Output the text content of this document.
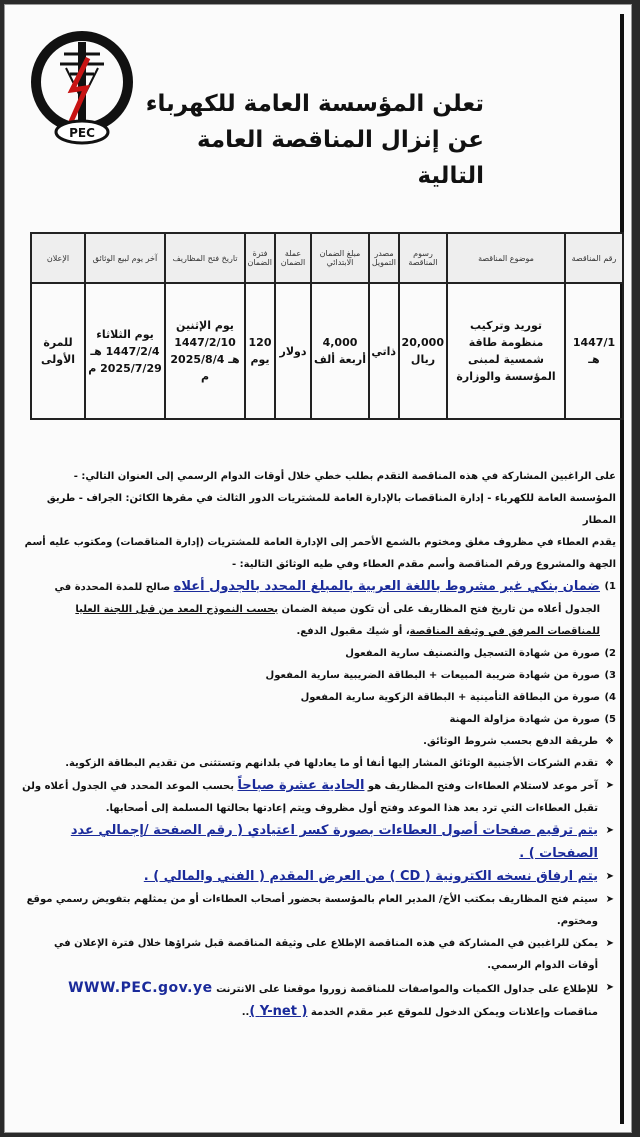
PEC
تعلن المؤسسة العامة للكهرباء
عن إنزال المناقصة العامة التالية
رقم المناقصة	موضوع المناقصة	رسوم المناقصة	مصدر التمويل	مبلغ الضمان الابتدائي	عملة الضمان	فترة الضمان	تاريخ فتح المظاريف	آخر يوم لبيع الوثائق	الإعلان
1447/1 هـ	توريد وتركيب منظومة طاقة شمسية لمبنى المؤسسة والوزارة	20,000 ريال	ذاتي	4,000 أربعة ألف	دولار	120 يوم	يوم الإثنين 1447/2/10 هـ 2025/8/4 م	يوم الثلاثاء 1447/2/4 هـ 2025/7/29 م	للمرة الأولى

على الراغبين المشاركة في هذه المناقصة التقدم بطلب خطي خلال أوقات الدوام الرسمي إلى العنوان التالي: -

المؤسسة العامة للكهرباء - إدارة المناقصات بالإدارة العامة للمشتريات الدور الثالث في مقرها الكائن: الجراف - طريق المطار

يقدم العطاء في مظروف مغلق ومختوم بالشمع الأحمر إلى الإدارة العامة للمشتريات (إدارة المناقصات) ومكتوب عليه أسم الجهة والمشروع ورقم المناقصة وأسم مقدم العطاء وفي طيه الوثائق التالية: -

1)
ضمان بنكي غير مشروط باللغة العربية بالمبلغ المحدد بالجدول أعلاه صالح للمدة المحددة في الجدول أعلاه من تاريخ فتح المظاريف على أن تكون صيغة الضمان بحسب النموذج المعد من قبل اللجنة العليا للمناقصات المرفق في وثيقة المناقصة، أو شيك مقبول الدفع.
2)
صورة من شهادة التسجيل والتصنيف سارية المفعول
3)
صورة من شهادة ضريبة المبيعات + البطاقة الضريبية سارية المفعول
4)
صورة من البطاقة التأمينية + البطاقة الزكوية سارية المفعول
5)
صورة من شهادة مزاولة المهنة

❖
طريقة الدفع بحسب شروط الوثائق.

❖
تقدم الشركات الأجنبية الوثائق المشار إليها أنفا أو ما يعادلها في بلدانهم وتستثنى من تقديم البطاقة الزكوية.

➤
آخر موعد لاستلام العطاءات وفتح المظاريف هو الحادية عشرة صباحاً بحسب الموعد المحدد في الجدول أعلاه ولن تقبل العطاءات التي ترد بعد هذا الموعد وفتح أول مظروف ويتم إعادتها بحالتها المسلمة إلى أصحابها.

➤
يتم ترقيم صفحات أصول العطاءات بصورة كسر اعتيادي ( رقم الصفحة /إجمالي عدد الصفحات ) .

➤
يتم ارفاق نسخه الكترونية ( CD ) من العرض المقدم ( الفني والمالي ) .

➤
سيتم فتح المظاريف بمكتب الأخ/ المدير العام بالمؤسسة بحضور أصحاب العطاءات أو من يمثلهم بتفويض رسمي موقع ومختوم.

➤
يمكن للراغبين في المشاركة في هذه المناقصة الإطلاع على وثيقة المناقصة قبل شراؤها خلال فترة الإعلان في أوقات الدوام الرسمي.

➤
للإطلاع على جداول الكميات والمواصفات للمناقصة زوروا موقعنا على الانترنت WWW.PEC.gov.ye مناقصات وإعلانات ويمكن الدخول للموقع عبر مقدم الخدمة ( Y-net )..
